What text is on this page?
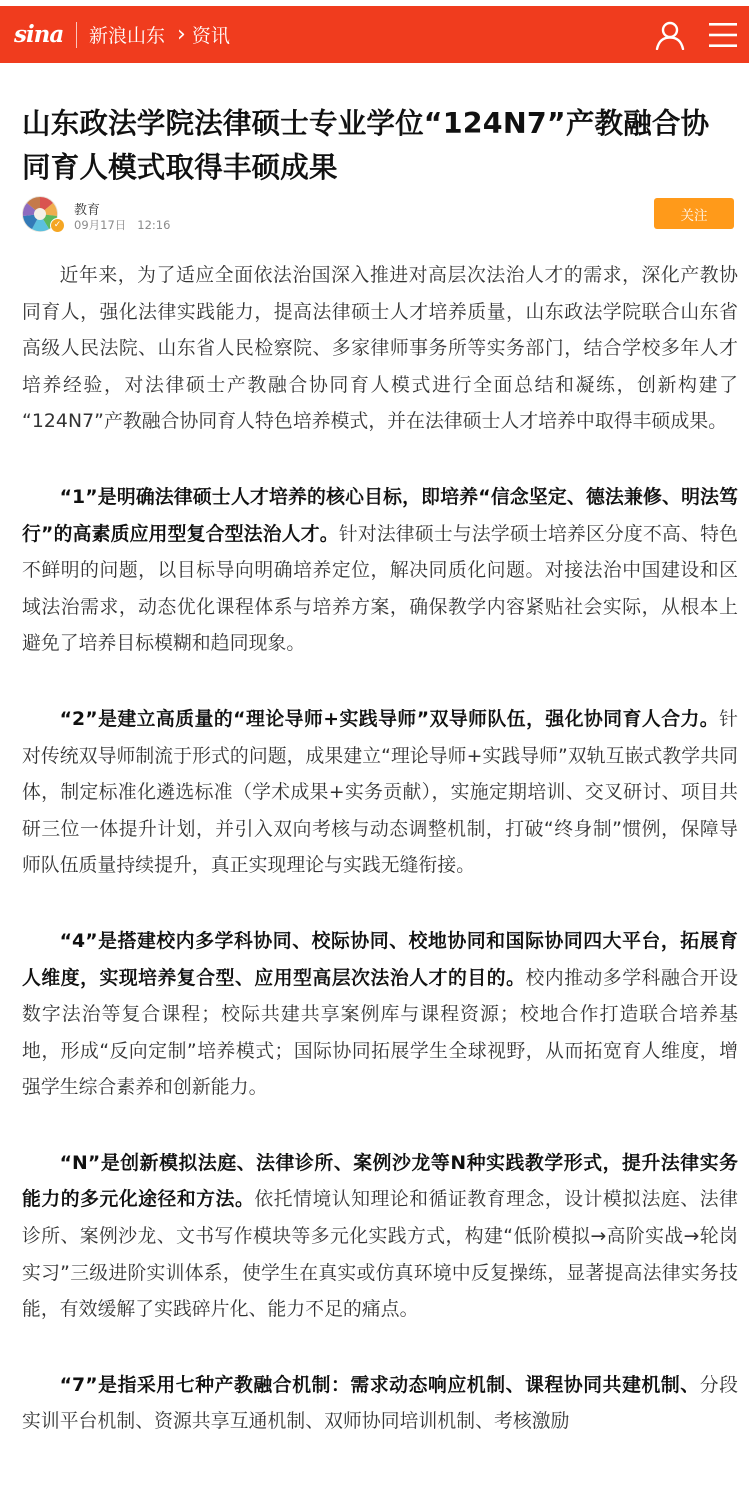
sina 新浪山东 › 资讯
山东政法学院法律硕士专业学位“124N7”产教融合协同育人模式取得丰硕成果
✓
教育
09月17日 12:16
关注

近年来，为了适应全面依法治国深入推进对高层次法治人才的需求，深化产教协同育人，强化法律实践能力，提高法律硕士人才培养质量，山东政法学院联合山东省高级人民法院、山东省人民检察院、多家律师事务所等实务部门，结合学校多年人才培养经验，对法律硕士产教融合协同育人模式进行全面总结和凝练，创新构建了 “124N7”产教融合协同育人特色培养模式，并在法律硕士人才培养中取得丰硕成果。

“1”是明确法律硕士人才培养的核心目标，即培养“信念坚定、德法兼修、明法笃行”的高素质应用型复合型法治人才。针对法律硕士与法学硕士培养区分度不高、特色不鲜明的问题，以目标导向明确培养定位，解决同质化问题。对接法治中国建设和区域法治需求，动态优化课程体系与培养方案，确保教学内容紧贴社会实际，从根本上避免了培养目标模糊和趋同现象。

“2”是建立高质量的“理论导师+实践导师”双导师队伍，强化协同育人合力。针对传统双导师制流于形式的问题，成果建立“理论导师+实践导师”双轨互嵌式教学共同体，制定标准化遴选标准（学术成果+实务贡献），实施定期培训、交叉研讨、项目共研三位一体提升计划，并引入双向考核与动态调整机制，打破“终身制”惯例，保障导师队伍质量持续提升，真正实现理论与实践无缝衔接。

“4”是搭建校内多学科协同、校际协同、校地协同和国际协同四大平台，拓展育人维度，实现培养复合型、应用型高层次法治人才的目的。校内推动多学科融合开设数字法治等复合课程；校际共建共享案例库与课程资源；校地合作打造联合培养基地，形成“反向定制”培养模式；国际协同拓展学生全球视野，从而拓宽育人维度，增强学生综合素养和创新能力。

“N”是创新模拟法庭、法律诊所、案例沙龙等N种实践教学形式，提升法律实务能力的多元化途径和方法。依托情境认知理论和循证教育理念，设计模拟法庭、法律诊所、案例沙龙、文书写作模块等多元化实践方式，构建“低阶模拟→高阶实战→轮岗实习”三级进阶实训体系，使学生在真实或仿真环境中反复操练，显著提高法律实务技能，有效缓解了实践碎片化、能力不足的痛点。

“7”是指采用七种产教融合机制：需求动态响应机制、课程协同共建机制、分段实训平台机制、资源共享互通机制、双师协同培训机制、考核激励
